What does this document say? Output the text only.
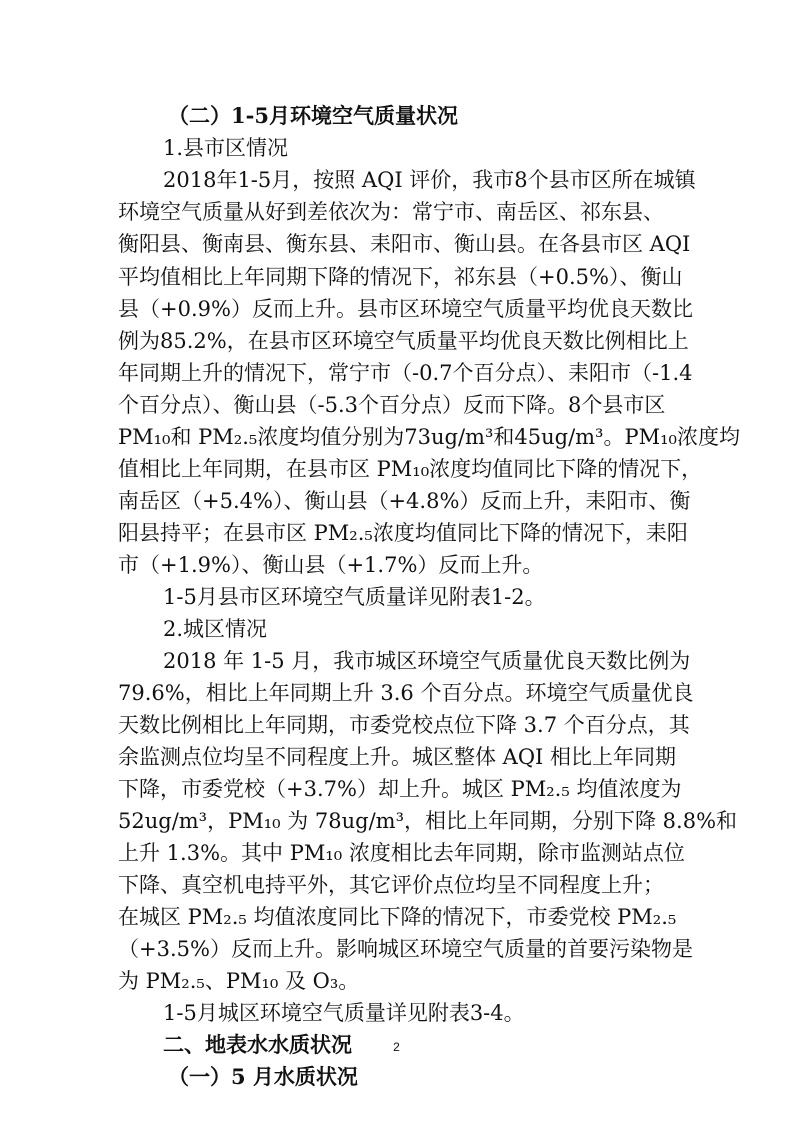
（二）1-5月环境空气质量状况
1.县市区情况
2018年1-5月，按照 AQI 评价，我市8个县市区所在城镇
环境空气质量从好到差依次为：常宁市、南岳区、祁东县、
衡阳县、衡南县、衡东县、耒阳市、衡山县。在各县市区 AQI
平均值相比上年同期下降的情况下，祁东县（+0.5%）、衡山
县（+0.9%）反而上升。县市区环境空气质量平均优良天数比
例为85.2%，在县市区环境空气质量平均优良天数比例相比上
年同期上升的情况下，常宁市（-0.7个百分点）、耒阳市（-1.4
个百分点）、衡山县（-5.3个百分点）反而下降。8个县市区
PM₁₀和 PM₂.₅浓度均值分别为73ug/m³和45ug/m³。PM₁₀浓度均
值相比上年同期，在县市区 PM₁₀浓度均值同比下降的情况下，
南岳区（+5.4%）、衡山县（+4.8%）反而上升，耒阳市、衡
阳县持平；在县市区 PM₂.₅浓度均值同比下降的情况下，耒阳
市（+1.9%）、衡山县（+1.7%）反而上升。
1-5月县市区环境空气质量详见附表1-2。
2.城区情况
2018 年 1-5 月，我市城区环境空气质量优良天数比例为
79.6%，相比上年同期上升 3.6 个百分点。环境空气质量优良
天数比例相比上年同期，市委党校点位下降 3.7 个百分点，其
余监测点位均呈不同程度上升。城区整体 AQI 相比上年同期
下降，市委党校（+3.7%）却上升。城区 PM₂.₅ 均值浓度为
52ug/m³，PM₁₀ 为 78ug/m³，相比上年同期，分别下降 8.8%和
上升 1.3%。其中 PM₁₀ 浓度相比去年同期，除市监测站点位
下降、真空机电持平外，其它评价点位均呈不同程度上升；
在城区 PM₂.₅ 均值浓度同比下降的情况下，市委党校 PM₂.₅
（+3.5%）反而上升。影响城区环境空气质量的首要污染物是
为 PM₂.₅、PM₁₀ 及 O₃。
1-5月城区环境空气质量详见附表3-4。
二、地表水水质状况
（一）5 月水质状况
2
